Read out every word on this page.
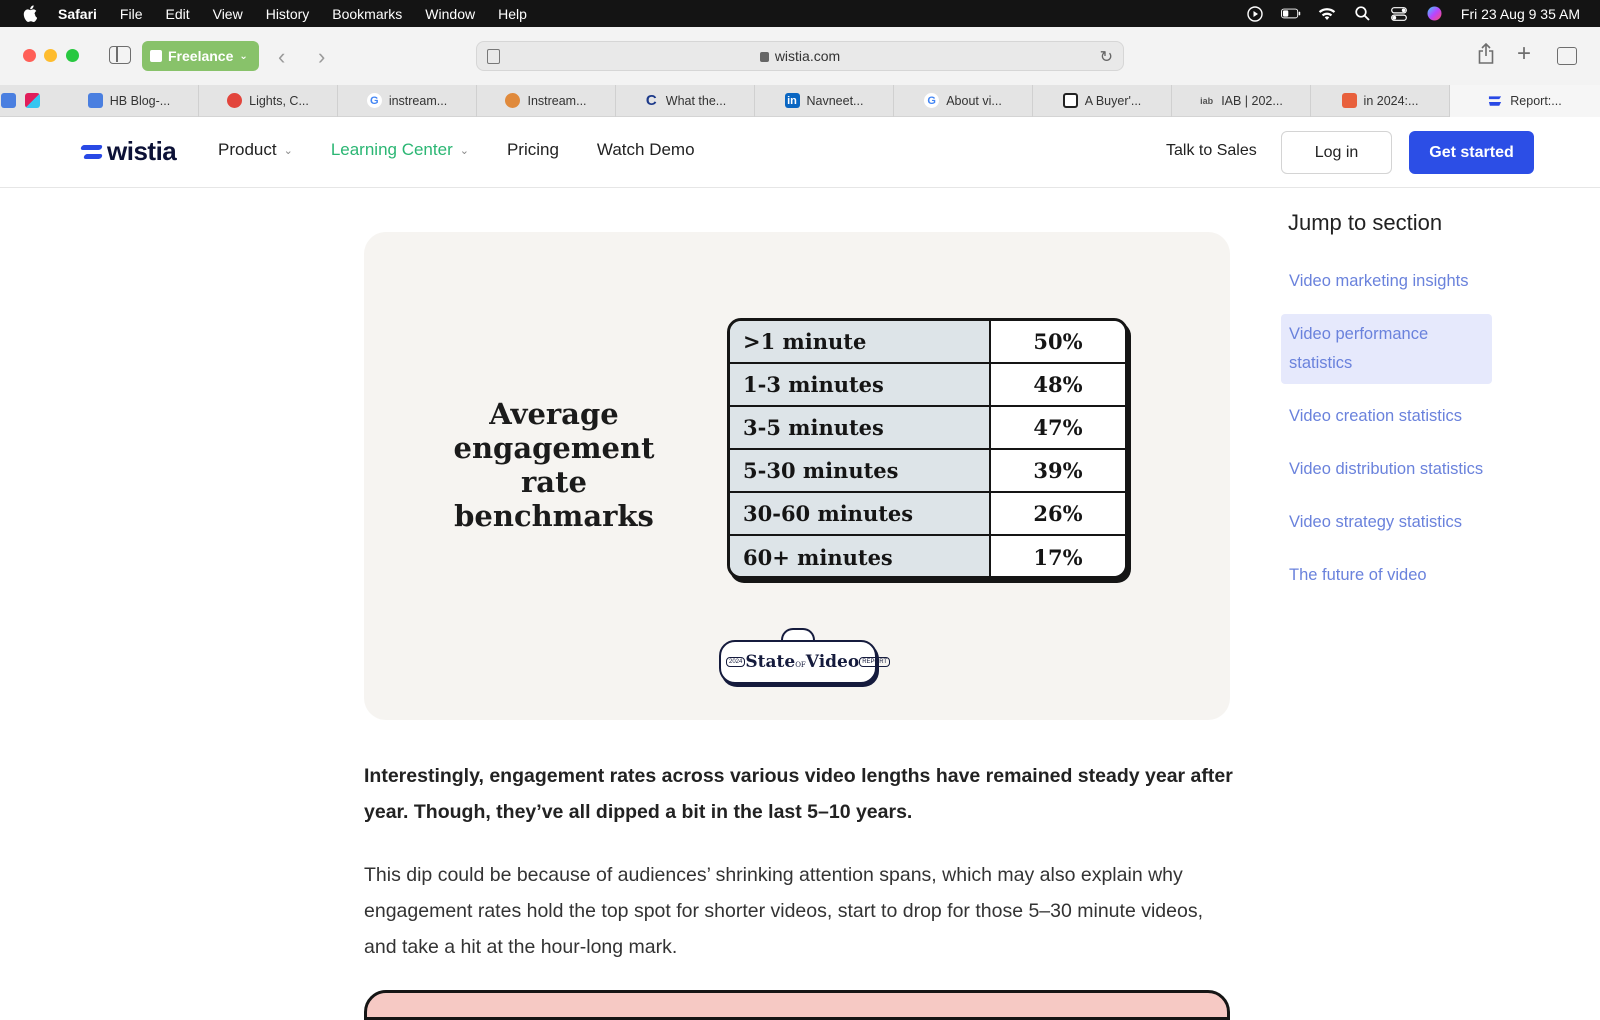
Safari File Edit View History Bookmarks Window Help	Fri 23 Aug 9 35 AM
Freelance ⌄ ‹ ›	wistia.com	↻	+
HB Blog-...	Lights, C...	G instream...	Instream...	C What the...	in Navneet...	G About vi...	A Buyer'...	iab IAB | 202...	in 2024:...	Report:...
wistia Product ⌄ Learning Center ⌄ Pricing Watch Demo	Talk to Sales	Log in	Get started
Average engagement rate benchmarks
>1 minute	50%
1-3 minutes	48%
3-5 minutes	47%
5-30 minutes	39%
30-60 minutes	26%
60+ minutes	17%
2024 StateOFVideo REPORT

Interestingly, engagement rates across various video lengths have remained steady year after year. Though, they’ve all dipped a bit in the last 5–10 years.

This dip could be because of audiences’ shrinking attention spans, which may also explain why engagement rates hold the top spot for shorter videos, start to drop for those 5–30 minute videos, and take a hit at the hour-long mark.

Jump to section
Video marketing insights
Video performance statistics
Video creation statistics
Video distribution statistics
Video strategy statistics
The future of video
